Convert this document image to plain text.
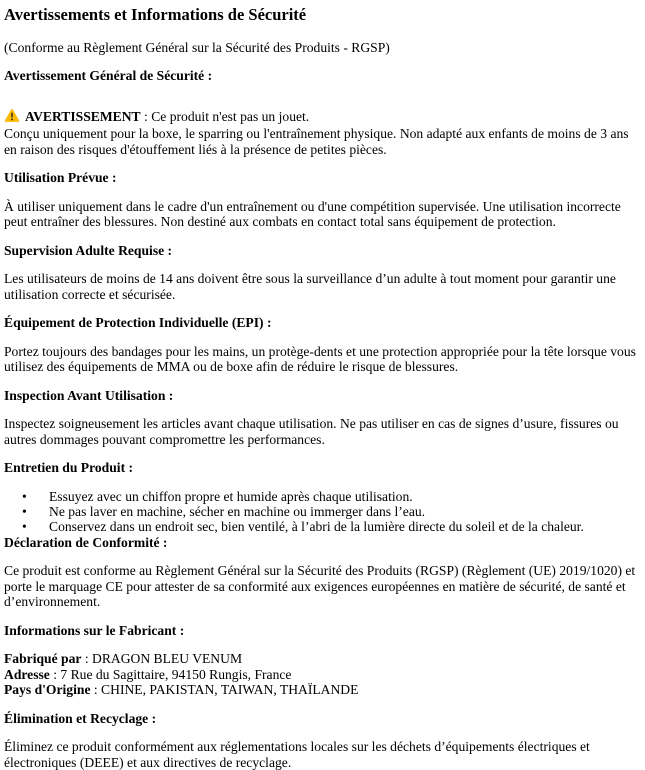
Avertissements et Informations de Sécurité

(Conforme au Règlement Général sur la Sécurité des Produits - RGSP)

Avertissement Général de Sécurité :

AVERTISSEMENT : Ce produit n'est pas un jouet.
Conçu uniquement pour la boxe, le sparring ou l'entraînement physique. Non adapté aux enfants de moins de 3 ans en raison des risques d'étouffement liés à la présence de petites pièces.

Utilisation Prévue :

À utiliser uniquement dans le cadre d'un entraînement ou d'une compétition supervisée. Une utilisation incorrecte peut entraîner des blessures. Non destiné aux combats en contact total sans équipement de protection.

Supervision Adulte Requise :

Les utilisateurs de moins de 14 ans doivent être sous la surveillance d’un adulte à tout moment pour garantir une utilisation correcte et sécurisée.

Équipement de Protection Individuelle (EPI) :

Portez toujours des bandages pour les mains, un protège-dents et une protection appropriée pour la tête lorsque vous utilisez des équipements de MMA ou de boxe afin de réduire le risque de blessures.

Inspection Avant Utilisation :

Inspectez soigneusement les articles avant chaque utilisation. Ne pas utiliser en cas de signes d’usure, fissures ou autres dommages pouvant compromettre les performances.

Entretien du Produit :

• Essuyez avec un chiffon propre et humide après chaque utilisation.
• Ne pas laver en machine, sécher en machine ou immerger dans l’eau.
• Conservez dans un endroit sec, bien ventilé, à l’abri de la lumière directe du soleil et de la chaleur.

Déclaration de Conformité :

Ce produit est conforme au Règlement Général sur la Sécurité des Produits (RGSP) (Règlement (UE) 2019/1020) et porte le marquage CE pour attester de sa conformité aux exigences européennes en matière de sécurité, de santé et d’environnement.

Informations sur le Fabricant :

Fabriqué par : DRAGON BLEU VENUM

Adresse : 7 Rue du Sagittaire, 94150 Rungis, France

Pays d'Origine : CHINE, PAKISTAN, TAIWAN, THAÏLANDE

Élimination et Recyclage :

Éliminez ce produit conformément aux réglementations locales sur les déchets d’équipements électriques et électroniques (DEEE) et aux directives de recyclage.
